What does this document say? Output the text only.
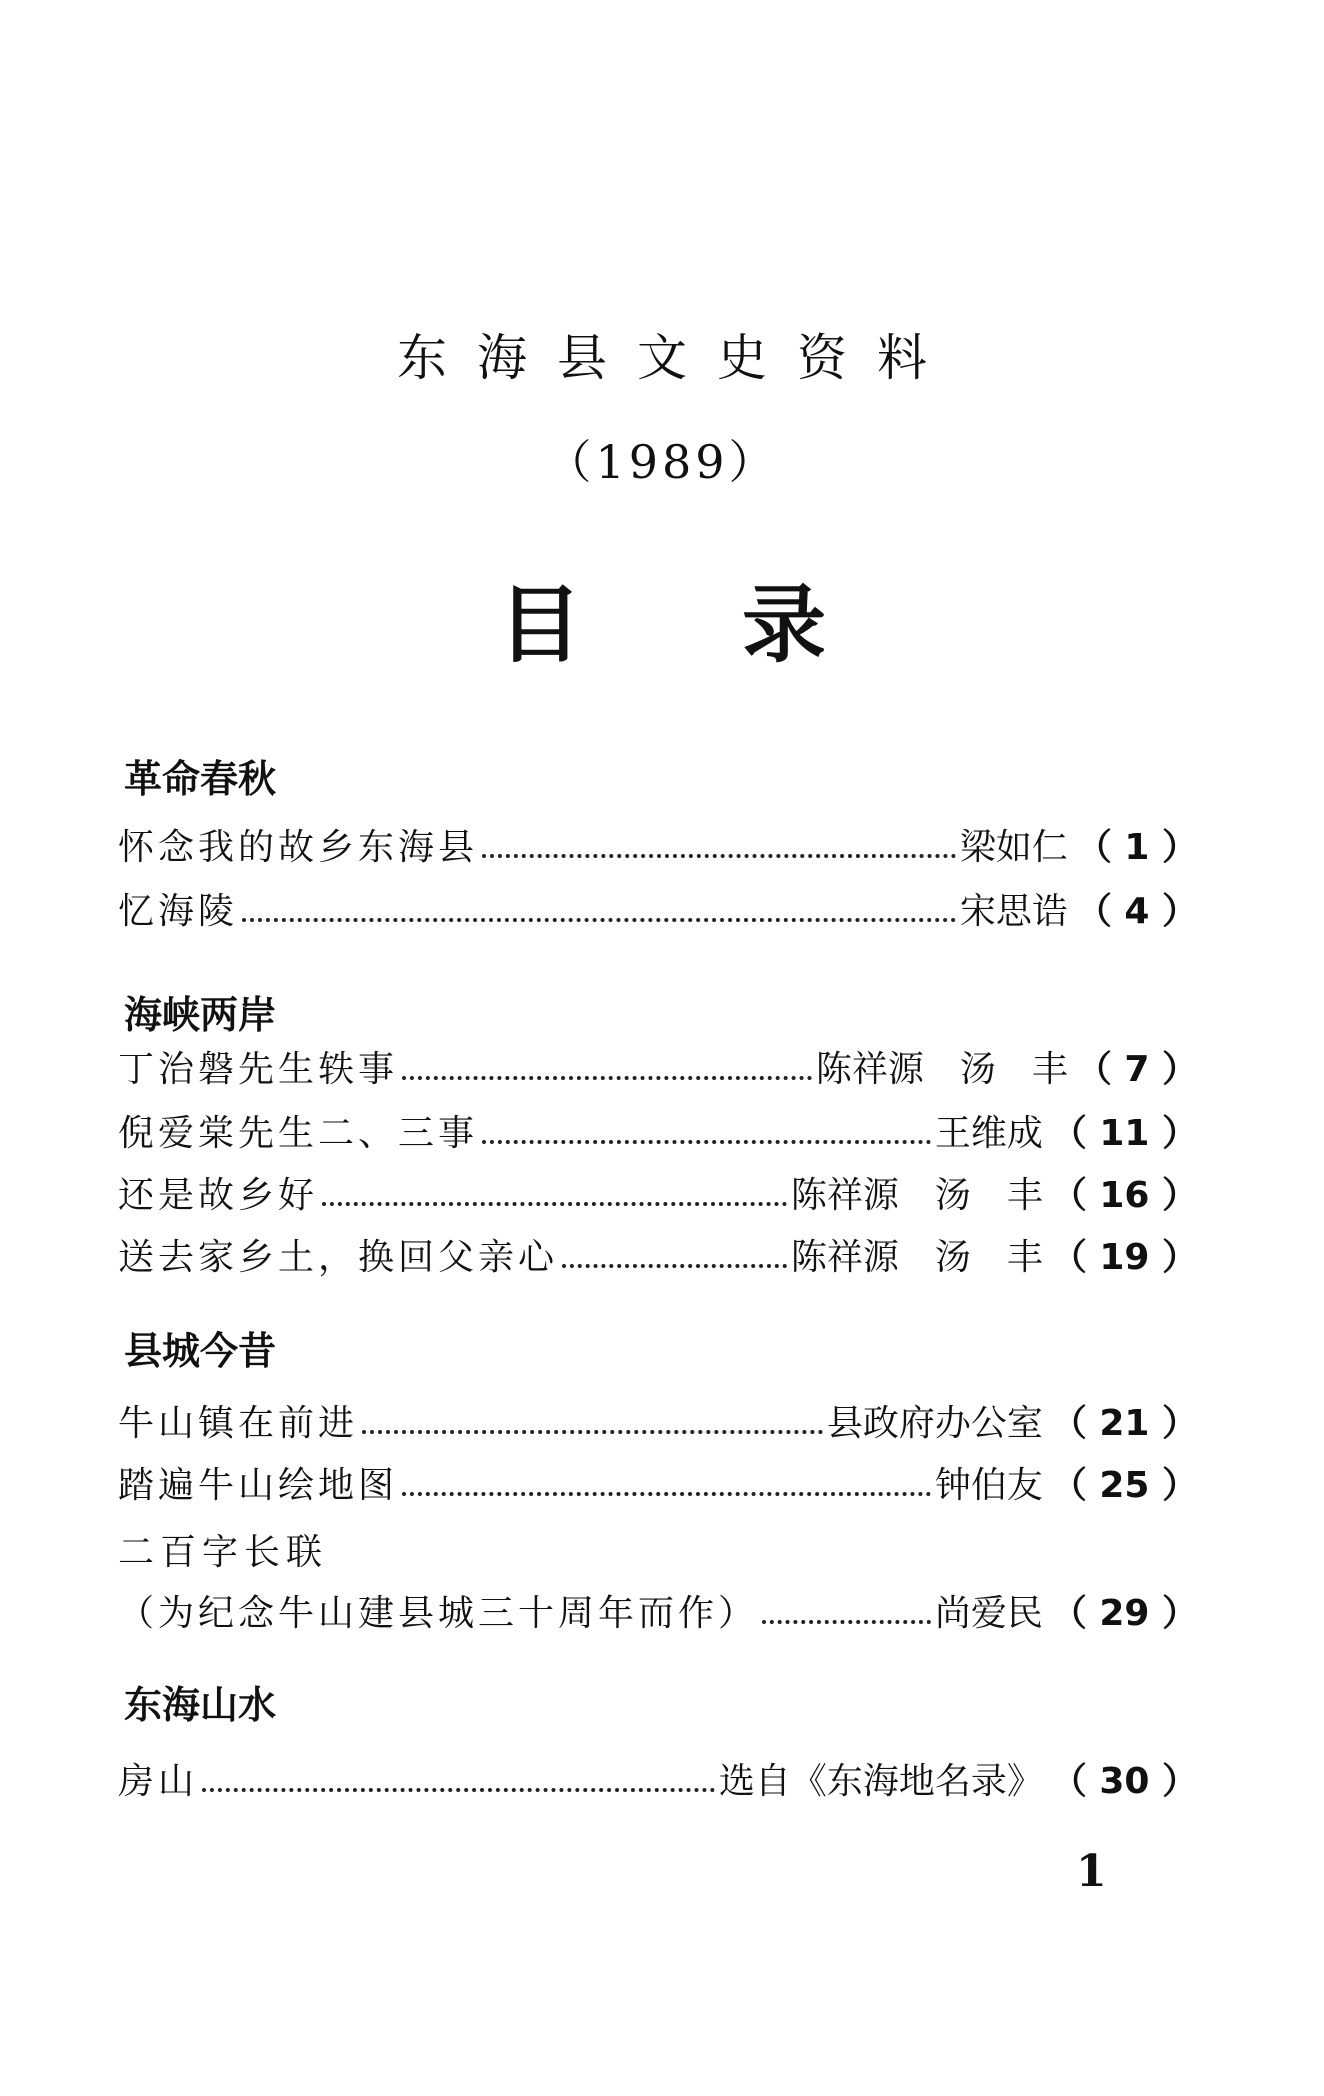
东海县文史资料
（1989）
目录
革命春秋
怀念我的故乡东海县	梁如仁 （ 1 ）
忆海陵	宋思诰 （ 4 ）
海峡两岸
丁治磐先生轶事	陈祥源　汤　丰 （ 7 ）
倪爱棠先生二、三事	王维成 （ 11 ）
还是故乡好	陈祥源　汤　丰 （ 16 ）
送去家乡土，换回父亲心	陈祥源　汤　丰 （ 19 ）
县城今昔
牛山镇在前进	县政府办公室 （ 21 ）
踏遍牛山绘地图	钟伯友 （ 25 ）
二百字长联
（为纪念牛山建县城三十周年而作）	尚爱民 （ 29 ）
东海山水
房山	选自《东海地名录》 （ 30 ）
1
